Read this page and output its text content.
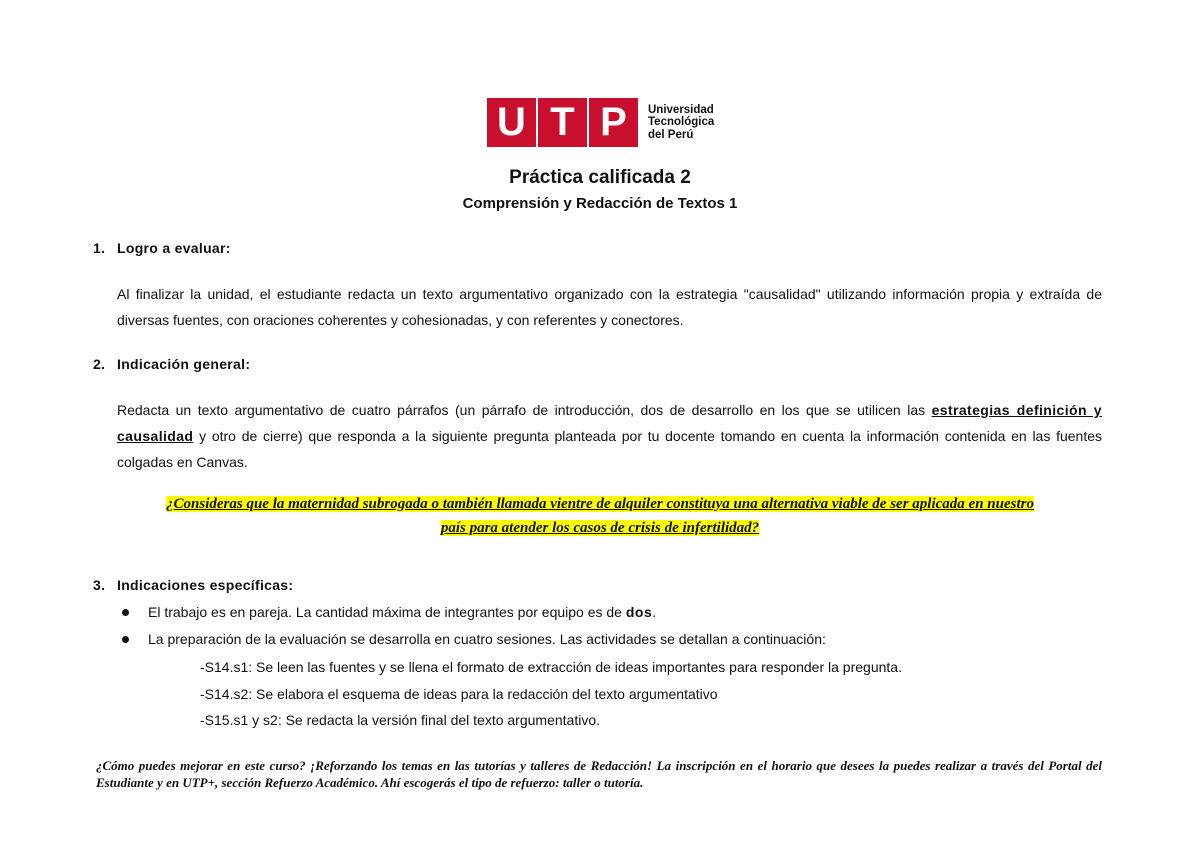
U T P Universidad
Tecnológica
del Perú
Práctica calificada 2
Comprensión y Redacción de Textos 1
1. Logro a evaluar:
Al finalizar la unidad, el estudiante redacta un texto argumentativo organizado con la estrategia "causalidad" utilizando información propia y extraída de diversas fuentes, con oraciones coherentes y cohesionadas, y con referentes y conectores.
2. Indicación general:
Redacta un texto argumentativo de cuatro párrafos (un párrafo de introducción, dos de desarrollo en los que se utilicen las estrategias definición y causalidad y otro de cierre) que responda a la siguiente pregunta planteada por tu docente tomando en cuenta la información contenida en las fuentes colgadas en Canvas.
¿Consideras que la maternidad subrogada o también llamada vientre de alquiler constituya una alternativa viable de ser aplicada en nuestro
país para atender los casos de crisis de infertilidad?
3. Indicaciones específicas:
El trabajo es en pareja. La cantidad máxima de integrantes por equipo es de dos.
La preparación de la evaluación se desarrolla en cuatro sesiones. Las actividades se detallan a continuación:
-S14.s1: Se leen las fuentes y se llena el formato de extracción de ideas importantes para responder la pregunta.
-S14.s2: Se elabora el esquema de ideas para la redacción del texto argumentativo
-S15.s1 y s2: Se redacta la versión final del texto argumentativo.
¿Cómo puedes mejorar en este curso? ¡Reforzando los temas en las tutorías y talleres de Redacción! La inscripción en el horario que desees la puedes realizar a través del Portal del Estudiante y en UTP+, sección Refuerzo Académico. Ahí escogerás el tipo de refuerzo: taller o tutoría.
